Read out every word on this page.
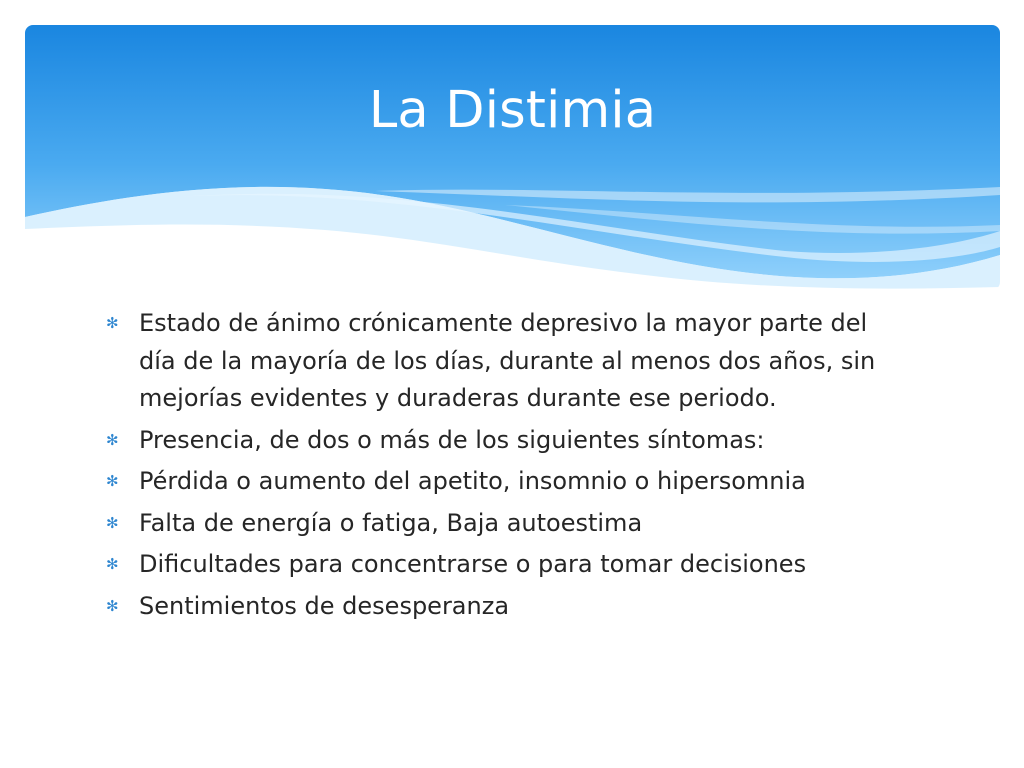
La Distimia
✻ Estado de ánimo crónicamente depresivo la mayor parte del día de la mayoría de los días, durante al menos dos años, sin mejorías evidentes y duraderas durante ese periodo.
✻ Presencia, de dos o más de los siguientes síntomas:
✻ Pérdida o aumento del apetito, insomnio o hipersomnia
✻ Falta de energía o fatiga, Baja autoestima
✻ Dificultades para concentrarse o para tomar decisiones
✻ Sentimientos de desesperanza
